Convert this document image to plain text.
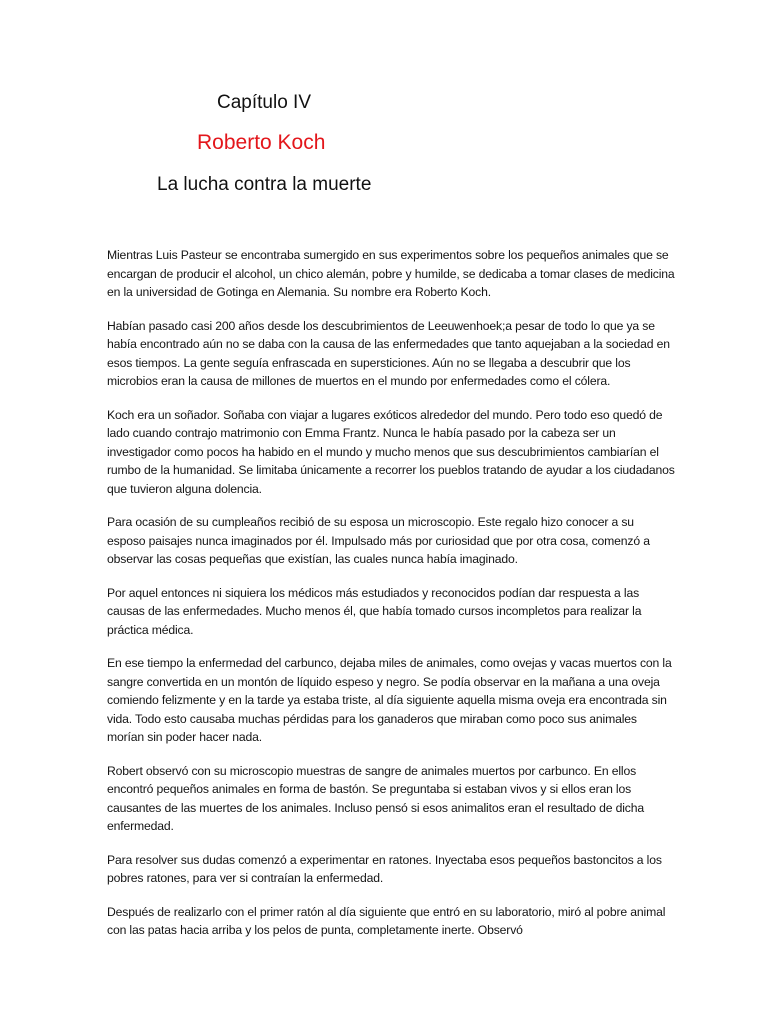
Capítulo IV
Roberto Koch
La lucha contra la muerte

Mientras Luis Pasteur se encontraba sumergido en sus experimentos sobre los pequeños animales que se encargan de producir el alcohol, un chico alemán, pobre y humilde, se dedicaba a tomar clases de medicina en la universidad de Gotinga en Alemania. Su nombre era Roberto Koch.

Habían pasado casi 200 años desde los descubrimientos de Leeuwenhoek;a pesar de todo lo que ya se había encontrado aún no se daba con la causa de las enfermedades que tanto aquejaban a la sociedad en esos tiempos. La gente seguía enfrascada en supersticiones. Aún no se llegaba a descubrir que los microbios eran la causa de millones de muertos en el mundo por enfermedades como el cólera.

Koch era un soñador. Soñaba con viajar a lugares exóticos alrededor del mundo. Pero todo eso quedó de lado cuando contrajo matrimonio con Emma Frantz. Nunca le había pasado por la cabeza ser un investigador como pocos ha habido en el mundo y mucho menos que sus descubrimientos cambiarían el rumbo de la humanidad. Se limitaba únicamente a recorrer los pueblos tratando de ayudar a los ciudadanos que tuvieron alguna dolencia.

Para ocasión de su cumpleaños recibió de su esposa un microscopio. Este regalo hizo conocer a su esposo paisajes nunca imaginados por él. Impulsado más por curiosidad que por otra cosa, comenzó a observar las cosas pequeñas que existían, las cuales nunca había imaginado.

Por aquel entonces ni siquiera los médicos más estudiados y reconocidos podían dar respuesta a las causas de las enfermedades. Mucho menos él, que había tomado cursos incompletos para realizar la práctica médica.

En ese tiempo la enfermedad del carbunco, dejaba miles de animales, como ovejas y vacas muertos con la sangre convertida en un montón de líquido espeso y negro. Se podía observar en la mañana a una oveja comiendo felizmente y en la tarde ya estaba triste, al día siguiente aquella misma oveja era encontrada sin vida. Todo esto causaba muchas pérdidas para los ganaderos que miraban como poco sus animales morían sin poder hacer nada.

Robert observó con su microscopio muestras de sangre de animales muertos por carbunco. En ellos encontró pequeños animales en forma de bastón. Se preguntaba si estaban vivos y si ellos eran los causantes de las muertes de los animales. Incluso pensó si esos animalitos eran el resultado de dicha enfermedad.

Para resolver sus dudas comenzó a experimentar en ratones. Inyectaba esos pequeños bastoncitos a los pobres ratones, para ver si contraían la enfermedad.

Después de realizarlo con el primer ratón al día siguiente que entró en su laboratorio, miró al pobre animal con las patas hacia arriba y los pelos de punta, completamente inerte. Observó
